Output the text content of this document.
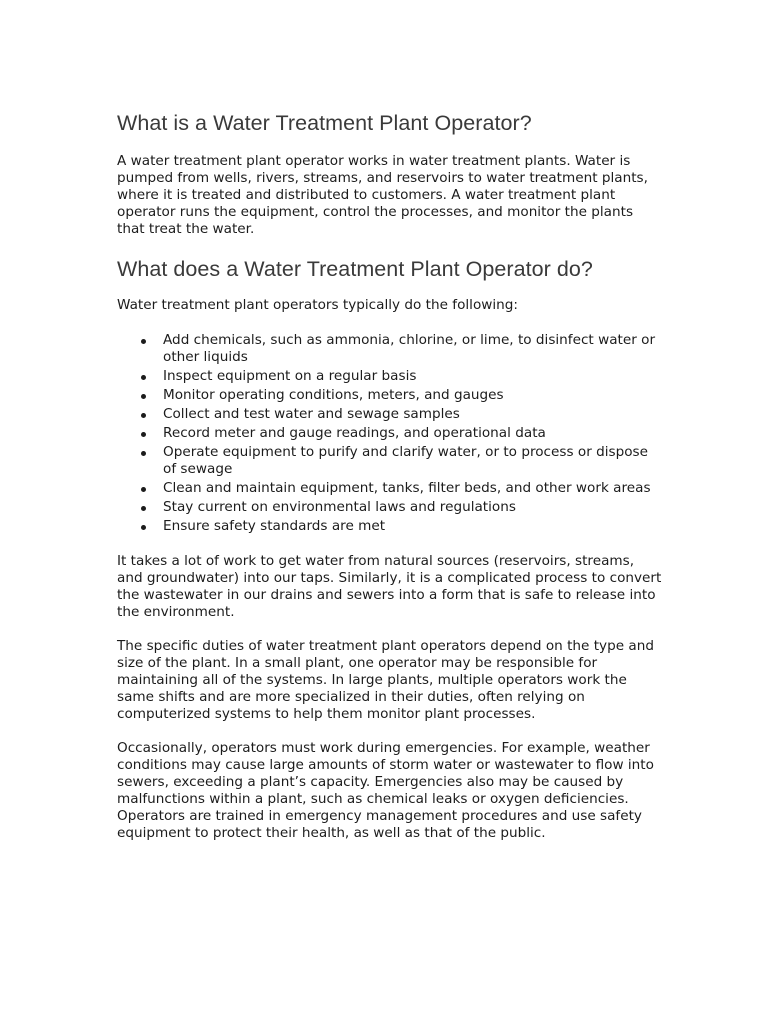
What is a Water Treatment Plant Operator?

A water treatment plant operator works in water treatment plants. Water is pumped from wells, rivers, streams, and reservoirs to water treatment plants, where it is treated and distributed to customers. A water treatment plant operator runs the equipment, control the processes, and monitor the plants that treat the water.

What does a Water Treatment Plant Operator do?

Water treatment plant operators typically do the following:

Add chemicals, such as ammonia, chlorine, or lime, to disinfect water or other liquids
Inspect equipment on a regular basis
Monitor operating conditions, meters, and gauges
Collect and test water and sewage samples
Record meter and gauge readings, and operational data
Operate equipment to purify and clarify water, or to process or dispose of sewage
Clean and maintain equipment, tanks, filter beds, and other work areas
Stay current on environmental laws and regulations
Ensure safety standards are met

It takes a lot of work to get water from natural sources (reservoirs, streams, and groundwater) into our taps. Similarly, it is a complicated process to convert the wastewater in our drains and sewers into a form that is safe to release into the environment.

The specific duties of water treatment plant operators depend on the type and size of the plant. In a small plant, one operator may be responsible for maintaining all of the systems. In large plants, multiple operators work the same shifts and are more specialized in their duties, often relying on computerized systems to help them monitor plant processes.

Occasionally, operators must work during emergencies. For example, weather conditions may cause large amounts of storm water or wastewater to flow into sewers, exceeding a plant’s capacity. Emergencies also may be caused by malfunctions within a plant, such as chemical leaks or oxygen deficiencies. Operators are trained in emergency management procedures and use safety equipment to protect their health, as well as that of the public.
